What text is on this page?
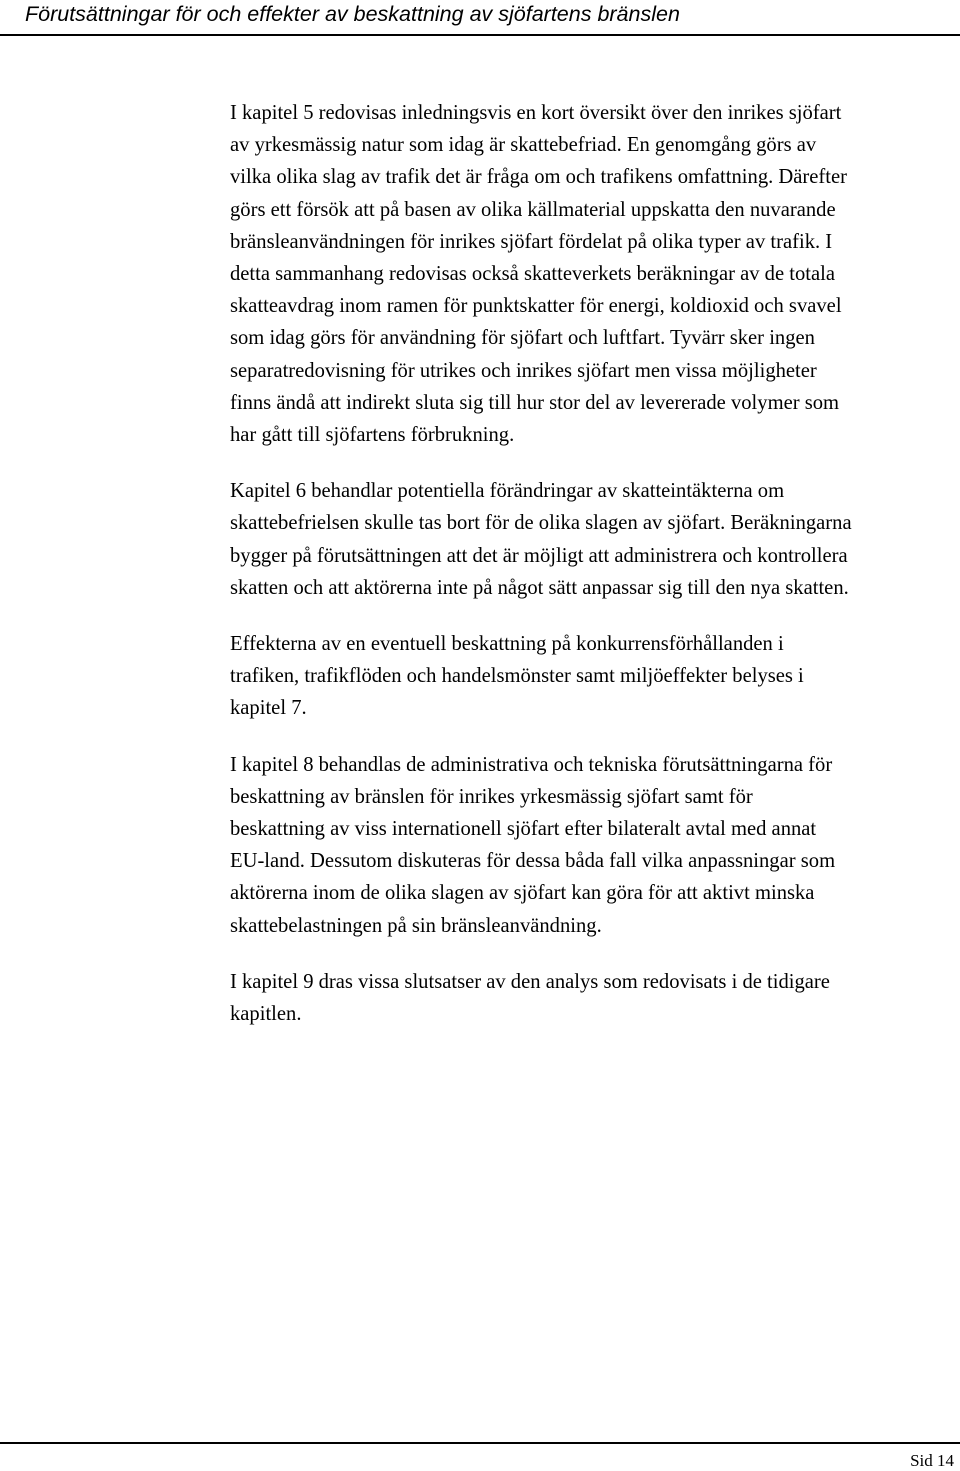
Förutsättningar för och effekter av beskattning av sjöfartens bränslen

I kapitel 5 redovisas inledningsvis en kort översikt över den inrikes sjöfart
av yrkesmässig natur som idag är skattebefriad. En genomgång görs av
vilka olika slag av trafik det är fråga om och trafikens omfattning. Därefter
görs ett försök att på basen av olika källmaterial uppskatta den nuvarande
bränsleanvändningen för inrikes sjöfart fördelat på olika typer av trafik. I
detta sammanhang redovisas också skatteverkets beräkningar av de totala
skatteavdrag inom ramen för punktskatter för energi, koldioxid och svavel
som idag görs för användning för sjöfart och luftfart. Tyvärr sker ingen
separatredovisning för utrikes och inrikes sjöfart men vissa möjligheter
finns ändå att indirekt sluta sig till hur stor del av levererade volymer som
har gått till sjöfartens förbrukning.

Kapitel 6 behandlar potentiella förändringar av skatteintäkterna om
skattebefrielsen skulle tas bort för de olika slagen av sjöfart. Beräkningarna
bygger på förutsättningen att det är möjligt att administrera och kontrollera
skatten och att aktörerna inte på något sätt anpassar sig till den nya skatten.

Effekterna av en eventuell beskattning på konkurrensförhållanden i
trafiken, trafikflöden och handelsmönster samt miljöeffekter belyses i
kapitel 7.

I kapitel 8 behandlas de administrativa och tekniska förutsättningarna för
beskattning av bränslen för inrikes yrkesmässig sjöfart samt för
beskattning av viss internationell sjöfart efter bilateralt avtal med annat
EU-land. Dessutom diskuteras för dessa båda fall vilka anpassningar som
aktörerna inom de olika slagen av sjöfart kan göra för att aktivt minska
skattebelastningen på sin bränsleanvändning.

I kapitel 9 dras vissa slutsatser av den analys som redovisats i de tidigare
kapitlen.

Sid 14
